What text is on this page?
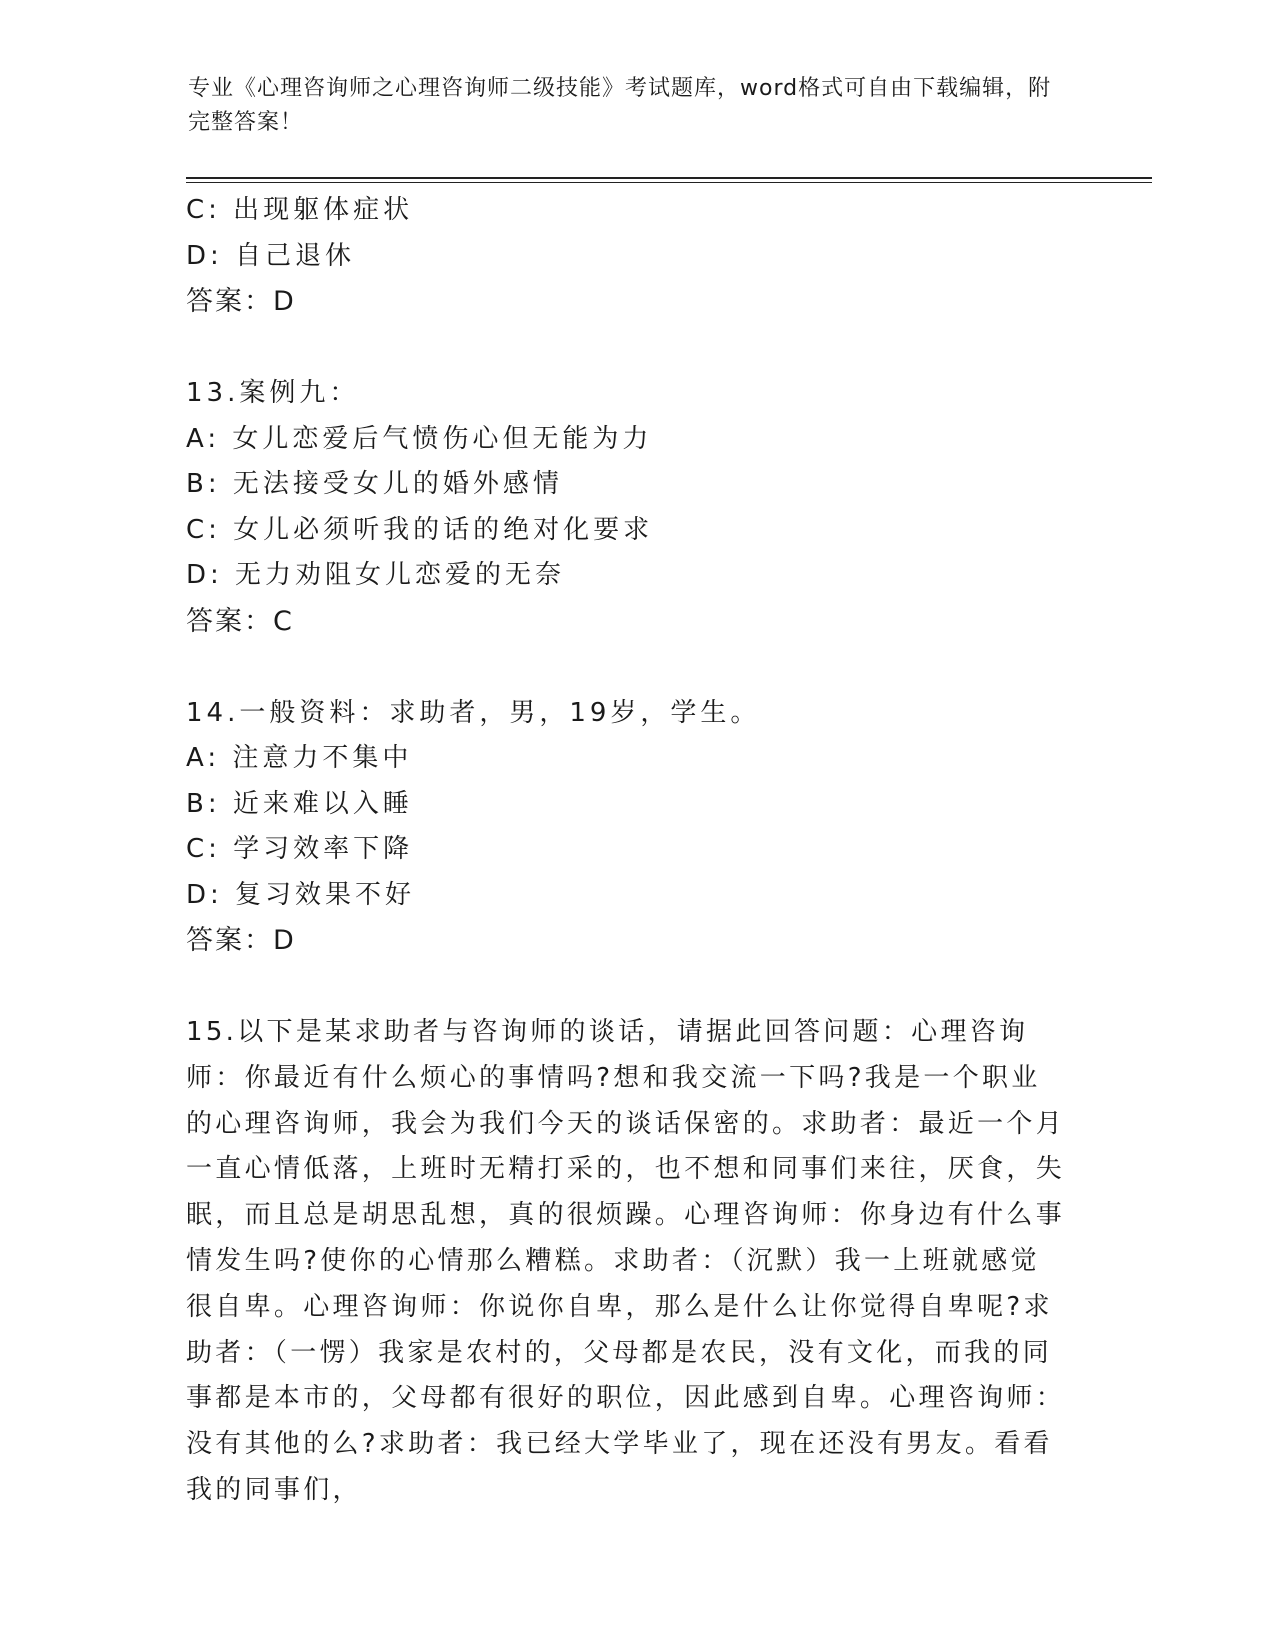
专业《心理咨询师之心理咨询师二级技能》考试题库，word格式可自由下载编辑，附完整答案！
C: 出现躯体症状
D: 自己退休
答案：D
13.案例九：
A: 女儿恋爱后气愤伤心但无能为力
B: 无法接受女儿的婚外感情
C: 女儿必须听我的话的绝对化要求
D: 无力劝阻女儿恋爱的无奈
答案：C
14.一般资料：求助者，男，19岁，学生。
A: 注意力不集中
B: 近来难以入睡
C: 学习效率下降
D: 复习效果不好
答案：D
15.以下是某求助者与咨询师的谈话，请据此回答问题：心理咨询师：你最近有什么烦心的事情吗?想和我交流一下吗?我是一个职业的心理咨询师，我会为我们今天的谈话保密的。求助者：最近一个月一直心情低落，上班时无精打采的，也不想和同事们来往，厌食，失眠，而且总是胡思乱想，真的很烦躁。心理咨询师：你身边有什么事情发生吗?使你的心情那么糟糕。求助者：（沉默）我一上班就感觉很自卑。心理咨询师：你说你自卑，那么是什么让你觉得自卑呢?求助者：（一愣）我家是农村的，父母都是农民，没有文化，而我的同事都是本市的，父母都有很好的职位，因此感到自卑。心理咨询师：没有其他的么?求助者：我已经大学毕业了，现在还没有男友。看看我的同事们，
